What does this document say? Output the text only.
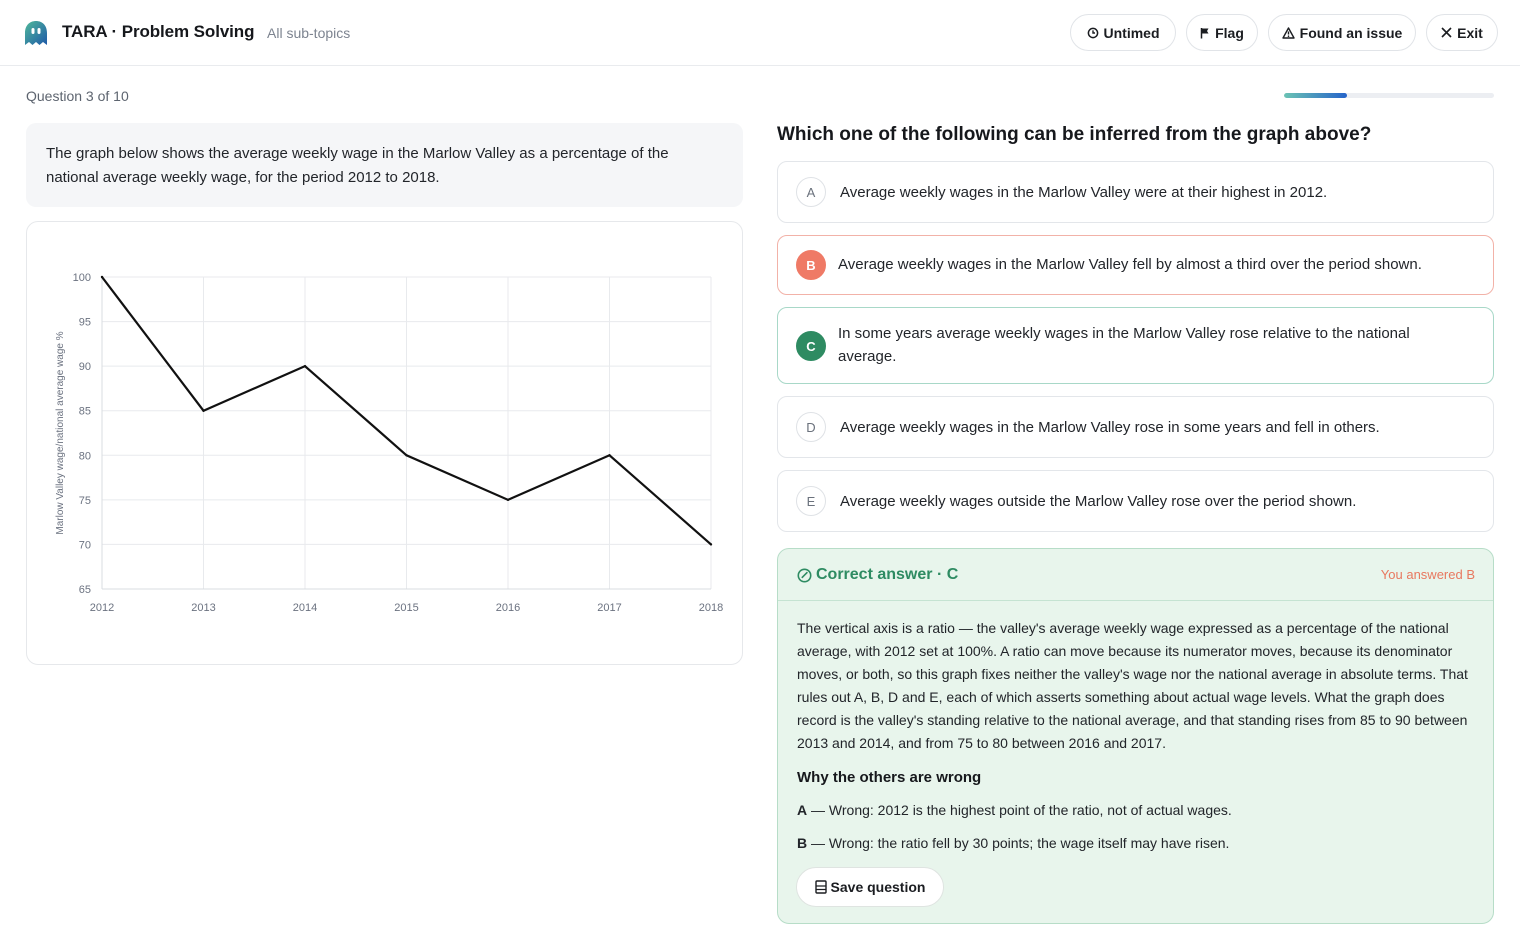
TARA · Problem Solving All sub-topics	Untimed	Flag	Found an issue	Exit
Question 3 of 10
The graph below shows the average weekly wage in the Marlow Valley as a percentage of the national average weekly wage, for the period 2012 to 2018.
65
70
75
80
85
90
95
100
2012	2013	2014	2015	2016	2017	2018
Marlow Valley wage/national average wage %
Which one of the following can be inferred from the graph above?
A	Average weekly wages in the Marlow Valley were at their highest in 2012.
B	Average weekly wages in the Marlow Valley fell by almost a third over the period shown.
C
In some years average weekly wages in the Marlow Valley rose relative to the national average.
D	Average weekly wages in the Marlow Valley rose in some years and fell in others.
E	Average weekly wages outside the Marlow Valley rose over the period shown.
Correct answer · C	You answered B
The vertical axis is a ratio — the valley's average weekly wage expressed as a percentage of the national average, with 2012 set at 100%. A ratio can move because its numerator moves, because its denominator moves, or both, so this graph fixes neither the valley's wage nor the national average in absolute terms. That rules out A, B, D and E, each of which asserts something about actual wage levels. What the graph does record is the valley's standing relative to the national average, and that standing rises from 85 to 90 between 2013 and 2014, and from 75 to 80 between 2016 and 2017.
Why the others are wrong
A — Wrong: 2012 is the highest point of the ratio, not of actual wages.
B — Wrong: the ratio fell by 30 points; the wage itself may have risen.
Save question
